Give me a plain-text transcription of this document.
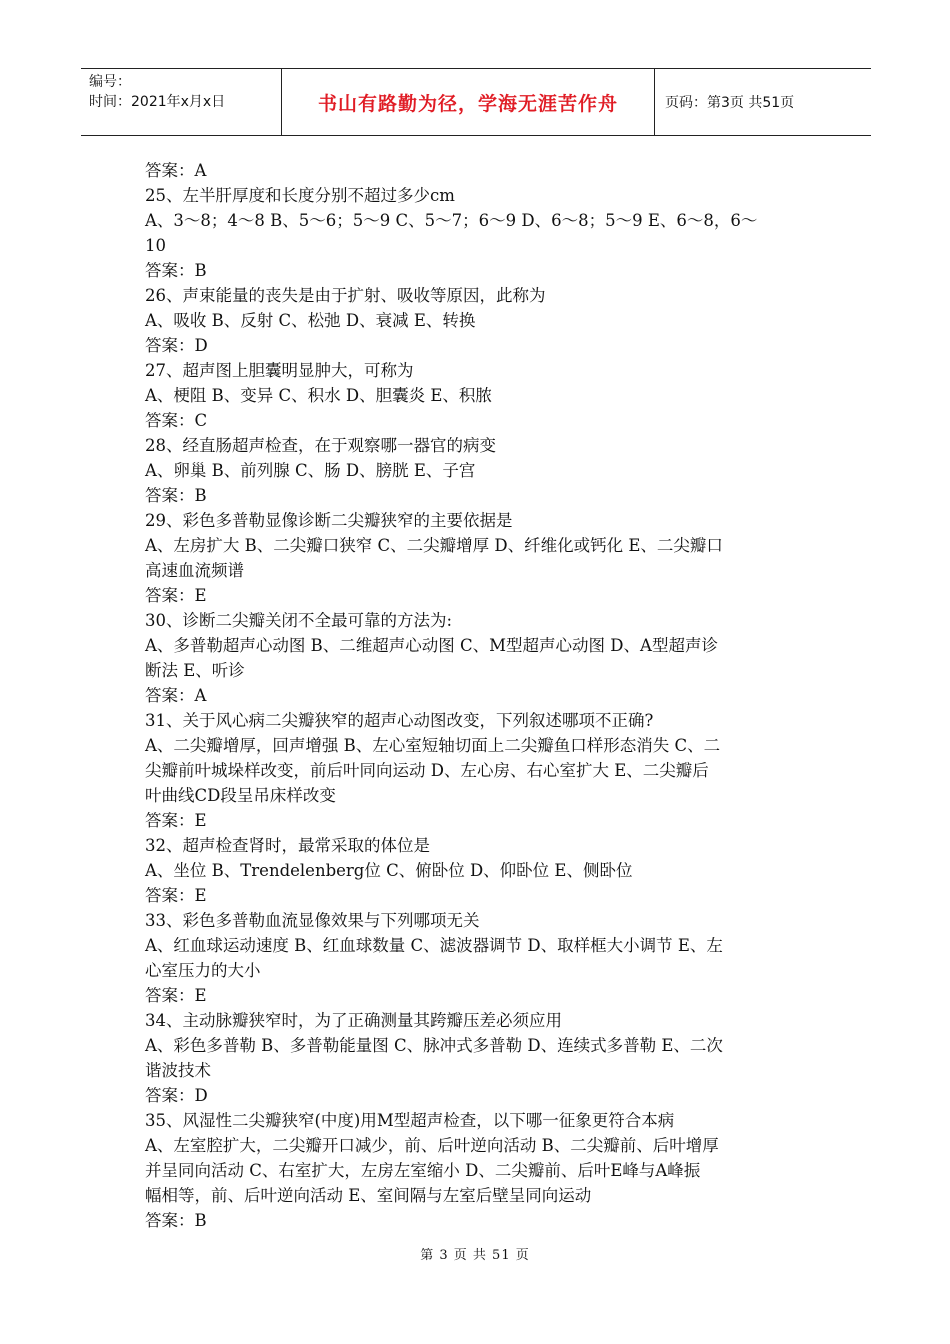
编号：
时间：2021年x月x日	书山有路勤为径，学海无涯苦作舟	页码：第3页 共51页

答案：A

25、左半肝厚度和长度分别不超过多少cm

A、3～8；4～8 B、5～6；5～9 C、5～7；6～9 D、6～8；5～9 E、6～8，6～

10

答案：B

26、声束能量的丧失是由于扩射、吸收等原因，此称为

A、吸收 B、反射 C、松弛 D、衰减 E、转换

答案：D

27、超声图上胆囊明显肿大，可称为

A、梗阻 B、变异 C、积水 D、胆囊炎 E、积脓

答案：C

28、经直肠超声检查，在于观察哪一器官的病变

A、卵巢 B、前列腺 C、肠 D、膀胱 E、子宫

答案：B

29、彩色多普勒显像诊断二尖瓣狭窄的主要依据是

A、左房扩大 B、二尖瓣口狭窄 C、二尖瓣增厚 D、纤维化或钙化 E、二尖瓣口

高速血流频谱

答案：E

30、诊断二尖瓣关闭不全最可靠的方法为:

A、多普勒超声心动图 B、二维超声心动图 C、M型超声心动图 D、A型超声诊

断法 E、听诊

答案：A

31、关于风心病二尖瓣狭窄的超声心动图改变，下列叙述哪项不正确?

A、二尖瓣增厚，回声增强 B、左心室短轴切面上二尖瓣鱼口样形态消失 C、二

尖瓣前叶城垛样改变，前后叶同向运动 D、左心房、右心室扩大 E、二尖瓣后

叶曲线CD段呈吊床样改变

答案：E

32、超声检查肾时，最常采取的体位是

A、坐位 B、Trendelenberg位 C、俯卧位 D、仰卧位 E、侧卧位

答案：E

33、彩色多普勒血流显像效果与下列哪项无关

A、红血球运动速度 B、红血球数量 C、滤波器调节 D、取样框大小调节 E、左

心室压力的大小

答案：E

34、主动脉瓣狭窄时，为了正确测量其跨瓣压差必须应用

A、彩色多普勒 B、多普勒能量图 C、脉冲式多普勒 D、连续式多普勒 E、二次

谐波技术

答案：D

35、风湿性二尖瓣狭窄(中度)用M型超声检查，以下哪一征象更符合本病

A、左室腔扩大，二尖瓣开口减少，前、后叶逆向活动 B、二尖瓣前、后叶增厚

并呈同向活动 C、右室扩大，左房左室缩小 D、二尖瓣前、后叶E峰与A峰振

幅相等，前、后叶逆向活动 E、室间隔与左室后壁呈同向运动

答案：B

第 3 页 共 51 页
